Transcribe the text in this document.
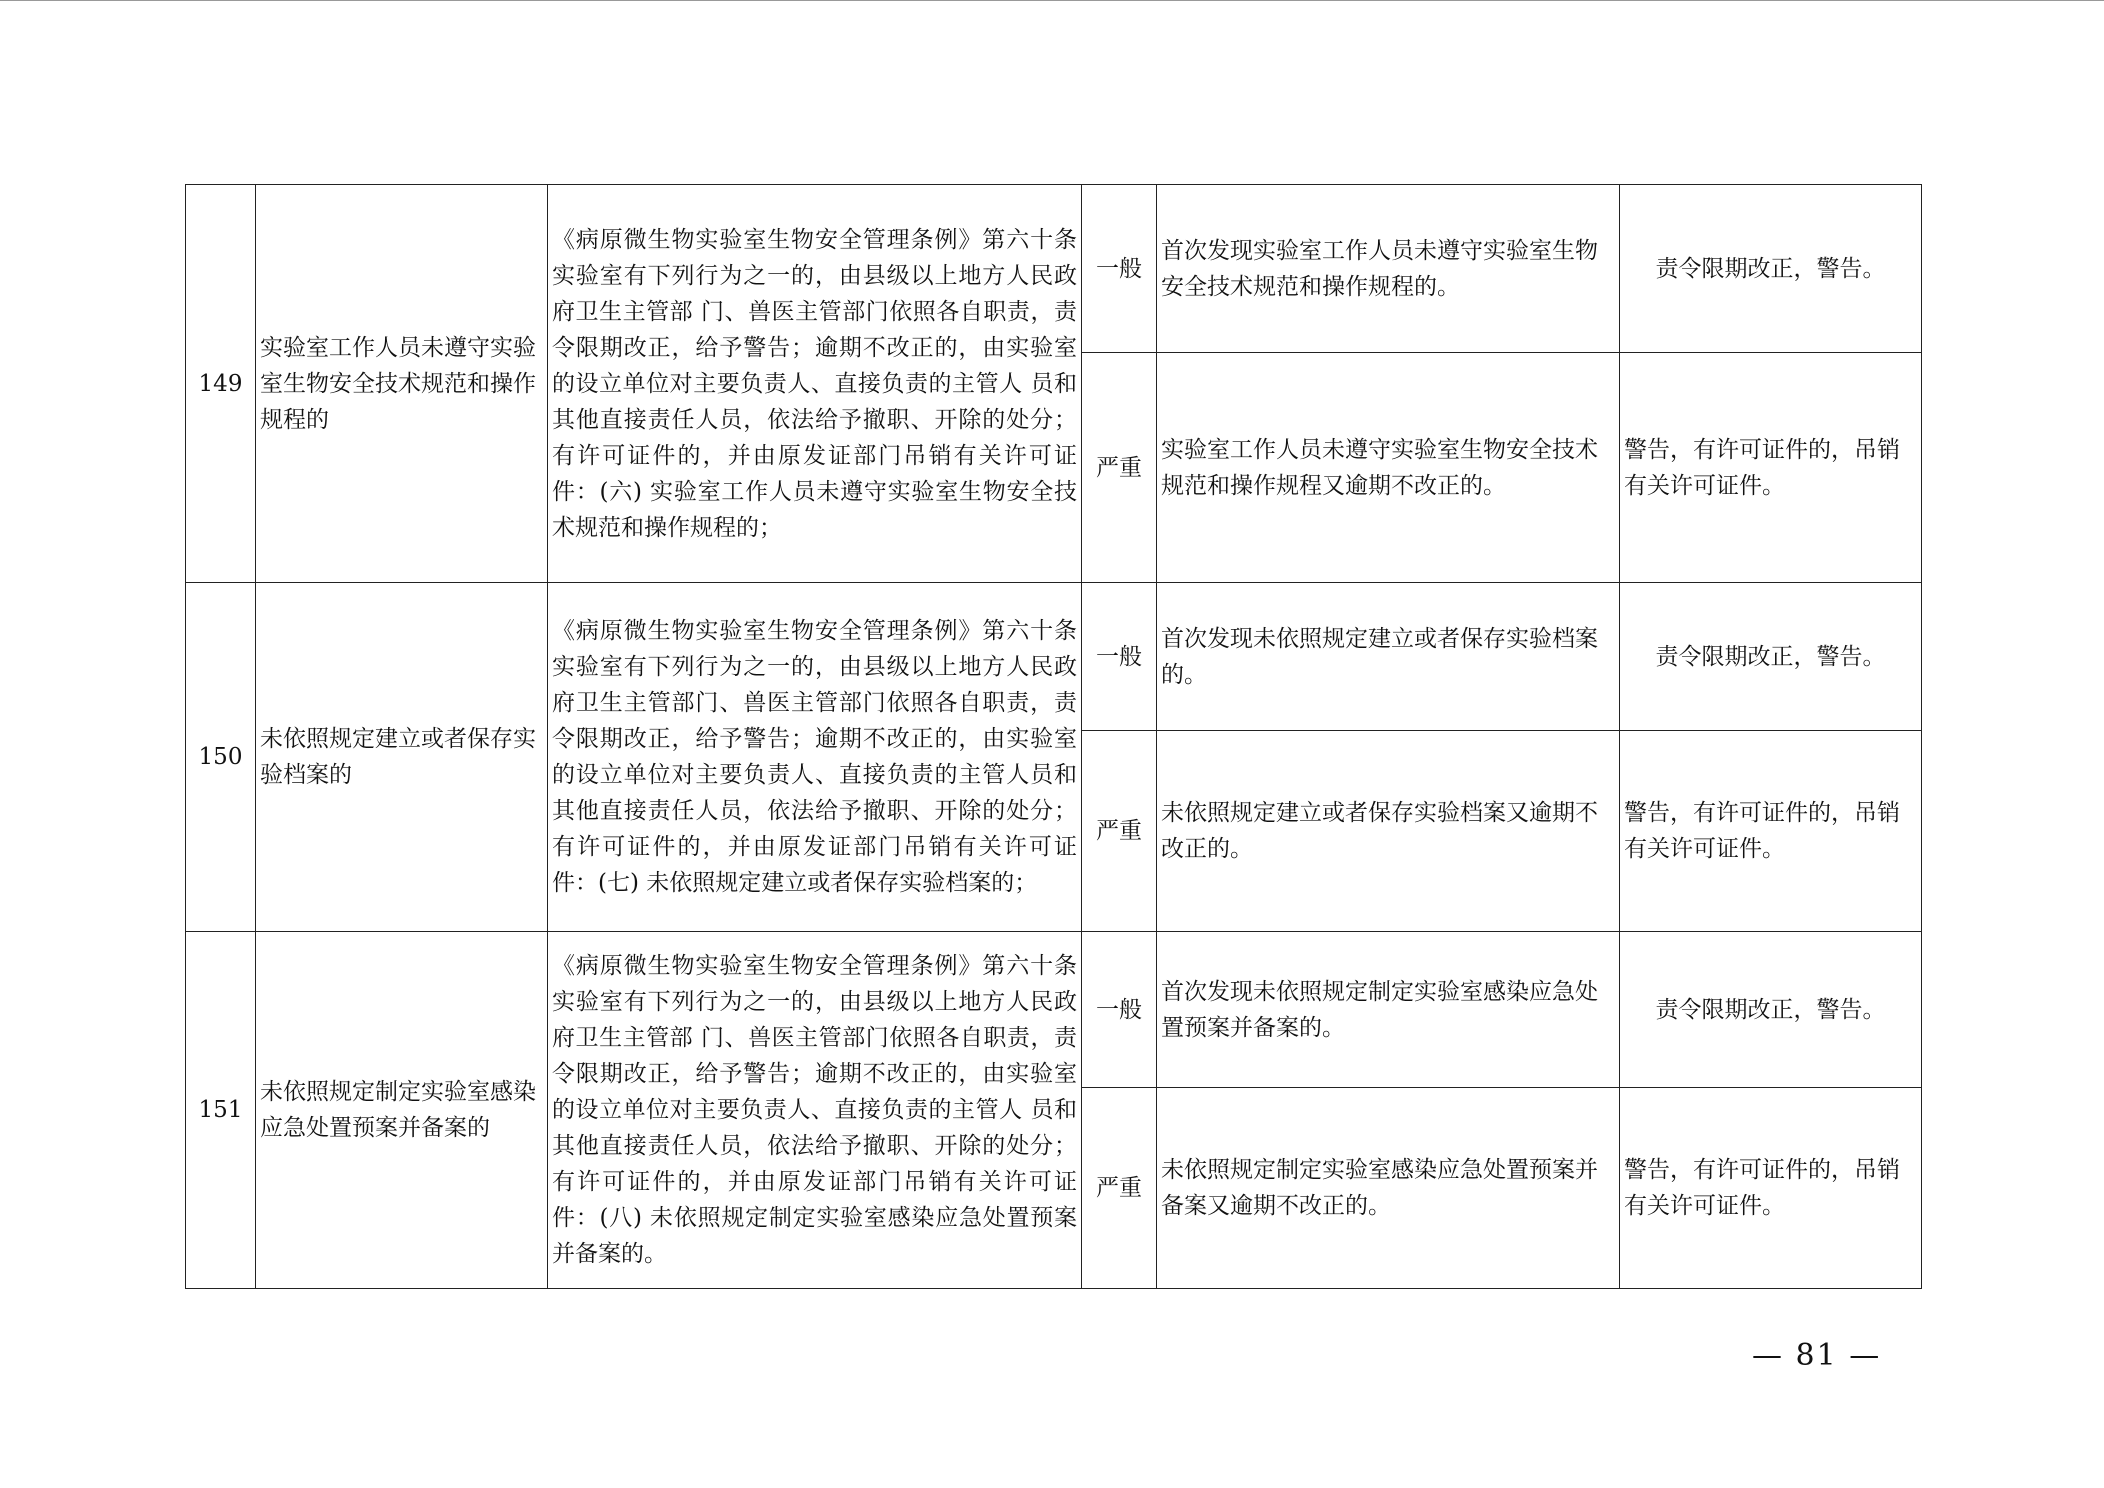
149	实验室工作人员未遵守实验室生物安全技术规范和操作规程的	《病原微生物实验室生物安全管理条例》第六十条实验室有下列行为之一的，由县级以上地方人民政府卫生主管部 门、兽医主管部门依照各自职责，责令限期改正，给予警告；逾期不改正的，由实验室的设立单位对主要负责人、直接负责的主管人 员和其他直接责任人员，依法给予撤职、开除的处分；有许可证件的，并由原发证部门吊销有关许可证件：(六) 实验室工作人员未遵守实验室生物安全技术规范和操作规程的；	一般	首次发现实验室工作人员未遵守实验室生物安全技术规范和操作规程的。	责令限期改正，警告。
			严重	实验室工作人员未遵守实验室生物安全技术规范和操作规程又逾期不改正的。	警告，有许可证件的，吊销有关许可证件。
150	未依照规定建立或者保存实验档案的	《病原微生物实验室生物安全管理条例》第六十条　实验室有下列行为之一的，由县级以上地方人民政府卫生主管部门、兽医主管部门依照各自职责，责令限期改正，给予警告；逾期不改正的，由实验室的设立单位对主要负责人、直接负责的主管人员和其他直接责任人员，依法给予撤职、开除的处分；有许可证件的，并由原发证部门吊销有关许可证件：(七) 未依照规定建立或者保存实验档案的；	一般	首次发现未依照规定建立或者保存实验档案的。	责令限期改正，警告。
			严重	未依照规定建立或者保存实验档案又逾期不改正的。	警告，有许可证件的，吊销有关许可证件。
151	未依照规定制定实验室感染应急处置预案并备案的	《病原微生物实验室生物安全管理条例》第六十条　实验室有下列行为之一的，由县级以上地方人民政府卫生主管部 门、兽医主管部门依照各自职责，责令限期改正，给予警告；逾期不改正的，由实验室的设立单位对主要负责人、直接负责的主管人 员和其他直接责任人员，依法给予撤职、开除的处分；有许可证件的，并由原发证部门吊销有关许可证件：(八) 未依照规定制定实验室感染应急处置预案并备案的。	一般	首次发现未依照规定制定实验室感染应急处置预案并备案的。	责令限期改正，警告。
			严重	未依照规定制定实验室感染应急处置预案并备案又逾期不改正的。	警告，有许可证件的，吊销有关许可证件。
— 81 —
